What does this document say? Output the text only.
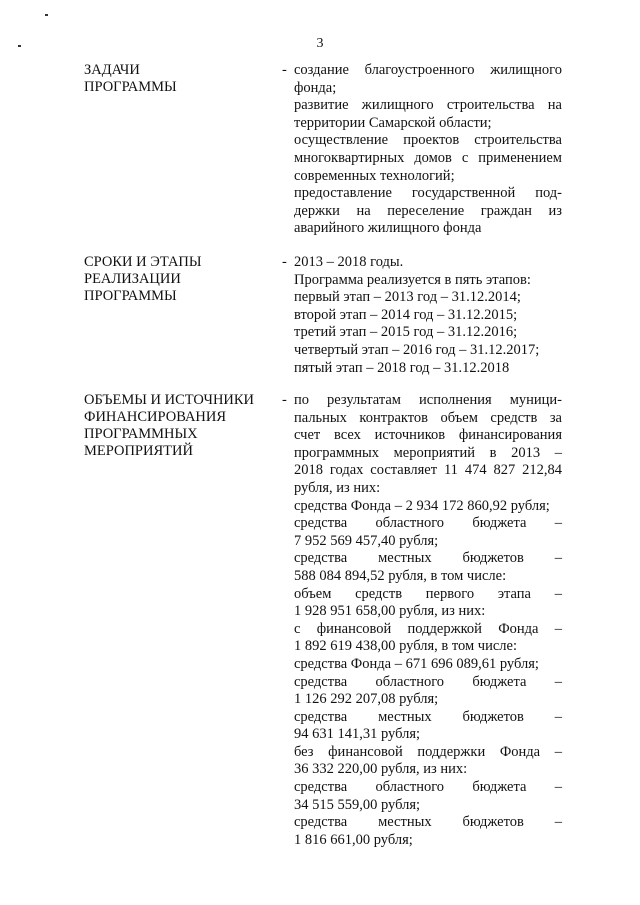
3
ЗАДАЧИ
ПРОГРАММЫ
- создание благоустроенного жилищного
фонда;
развитие жилищного строительства на
территории Самарской области;
осуществление проектов строительства
многоквартирных домов с применением
современных технологий;
предоставление государственной под-
держки на переселение граждан из
аварийного жилищного фонда
СРОКИ И ЭТАПЫ
РЕАЛИЗАЦИИ
ПРОГРАММЫ
- 2013 – 2018 годы.
Программа реализуется в пять этапов:
первый этап – 2013 год – 31.12.2014;
второй этап – 2014 год – 31.12.2015;
третий этап – 2015 год – 31.12.2016;
четвертый этап – 2016 год – 31.12.2017;
пятый этап – 2018 год – 31.12.2018
ОБЪЕМЫ И ИСТОЧНИКИ
ФИНАНСИРОВАНИЯ
ПРОГРАММНЫХ
МЕРОПРИЯТИЙ
- по результатам исполнения муници-
пальных контрактов объем средств за
счет всех источников финансирования
программных мероприятий в 2013 –
2018 годах составляет 11 474 827 212,84
рубля, из них:
средства Фонда – 2 934 172 860,92 рубля;
средства областного бюджета –
7 952 569 457,40 рубля;
средства местных бюджетов –
588 084 894,52 рубля, в том числе:
объем средств первого этапа –
1 928 951 658,00 рубля, из них:
с финансовой поддержкой Фонда –
1 892 619 438,00 рубля, в том числе:
средства Фонда – 671 696 089,61 рубля;
средства областного бюджета –
1 126 292 207,08 рубля;
средства местных бюджетов –
94 631 141,31 рубля;
без финансовой поддержки Фонда –
36 332 220,00 рубля, из них:
средства областного бюджета –
34 515 559,00 рубля;
средства местных бюджетов –
1 816 661,00 рубля;
